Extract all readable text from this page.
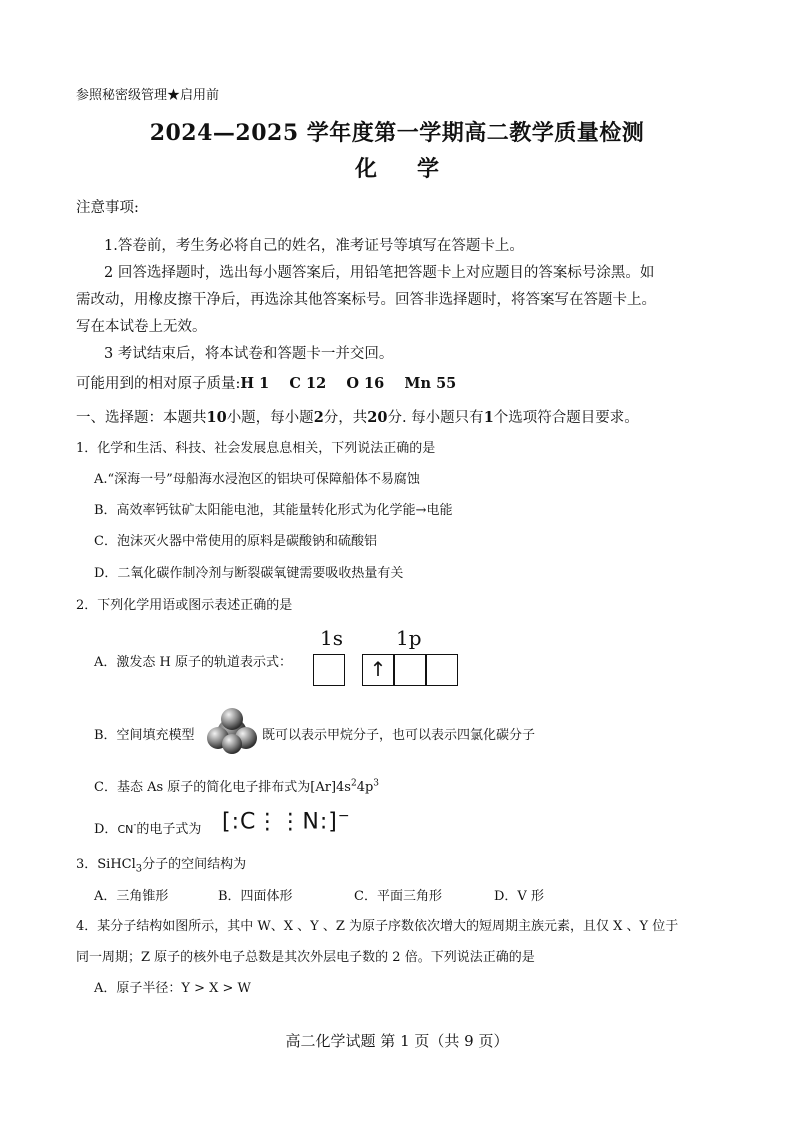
参照秘密级管理★启用前
2024—2025 学年度第一学期高二教学质量检测
化学
注意事项:
1.答卷前，考生务必将自己的姓名，准考证号等填写在答题卡上。
2 回答选择题时，选出每小题答案后，用铅笔把答题卡上对应题目的答案标号涂黑。如
需改动，用橡皮擦干净后，再选涂其他答案标号。回答非选择题时，将答案写在答题卡上。
写在本试卷上无效。
3 考试结束后，将本试卷和答题卡一并交回。
可能用到的相对原子质量:H 1    C 12    O 16    Mn 55
一、选择题：本题共10小题，每小题2分，共20分. 每小题只有1个选项符合题目要求。
1．化学和生活、科技、社会发展息息相关，下列说法正确的是
A.“深海一号”母船海水浸泡区的铝块可保障船体不易腐蚀
B．高效率钙钛矿太阳能电池，其能量转化形式为化学能→电能
C．泡沫灭火器中常使用的原料是碳酸钠和硫酸铝
D．二氧化碳作制冷剂与断裂碳氧键需要吸收热量有关
2．下列化学用语或图示表述正确的是
A．激发态 H 原子的轨道表示式：
1s	1p
↑
B．空间填充模型	既可以表示甲烷分子，也可以表示四氯化碳分子
C．基态 As 原子的简化电子排布式为$[Ar]4s^24p^3$
D．CN-的电子式为 [:C⋮⋮N:]−
3．SiHCl$_3$分子的空间结构为
A．三角锥形	B．四面体形	C．平面三角形	D．V 形
4．某分子结构如图所示，其中 W、X 、Y 、Z 为原子序数依次增大的短周期主族元素，且仅 X 、Y 位于
同一周期；Z 原子的核外电子总数是其次外层电子数的 2 倍。下列说法正确的是
A．原子半径：Y > X > W
高二化学试题 第 1 页（共 9 页）
